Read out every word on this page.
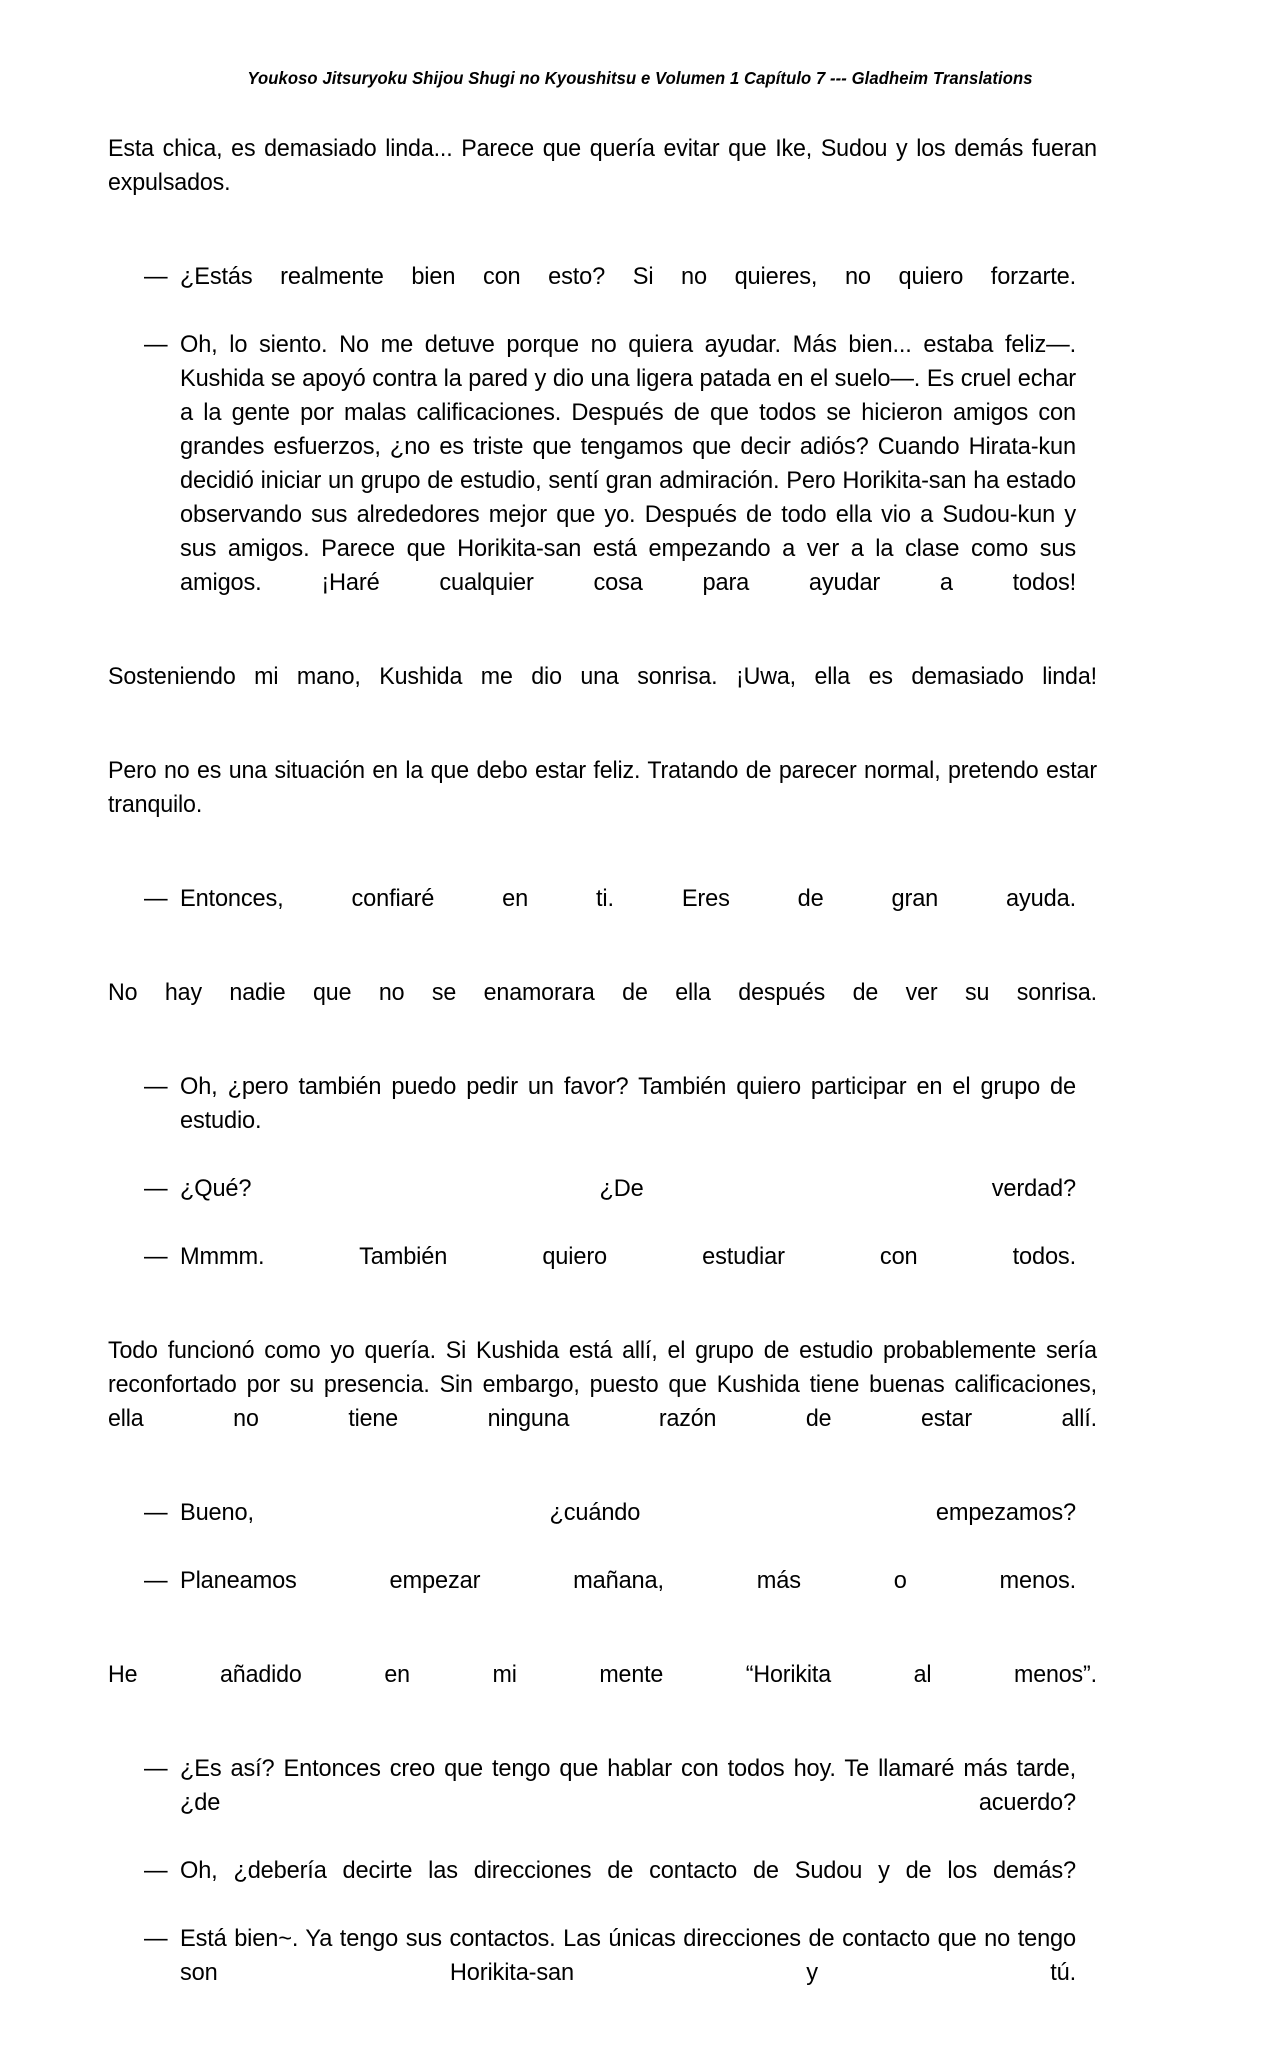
Youkoso Jitsuryoku Shijou Shugi no Kyoushitsu e Volumen 1 Capítulo 7 --- Gladheim Translations

Esta chica, es demasiado linda... Parece que quería evitar que Ike, Sudou y los demás fueran expulsados.

— ¿Estás realmente bien con esto? Si no quieres, no quiero forzarte.
— Oh, lo siento. No me detuve porque no quiera ayudar. Más bien... estaba feliz—. Kushida se apoyó contra la pared y dio una ligera patada en el suelo—. Es cruel echar a la gente por malas calificaciones. Después de que todos se hicieron amigos con grandes esfuerzos, ¿no es triste que tengamos que decir adiós? Cuando Hirata-kun decidió iniciar un grupo de estudio, sentí gran admiración. Pero Horikita-san ha estado observando sus alrededores mejor que yo. Después de todo ella vio a Sudou-kun y sus amigos. Parece que Horikita-san está empezando a ver a la clase como sus amigos. ¡Haré cualquier cosa para ayudar a todos!

Sosteniendo mi mano, Kushida me dio una sonrisa. ¡Uwa, ella es demasiado linda!

Pero no es una situación en la que debo estar feliz. Tratando de parecer normal, pretendo estar tranquilo.

— Entonces, confiaré en ti. Eres de gran ayuda.

No hay nadie que no se enamorara de ella después de ver su sonrisa.

— Oh, ¿pero también puedo pedir un favor? También quiero participar en el grupo de estudio.
— ¿Qué? ¿De verdad?
— Mmmm. También quiero estudiar con todos.

Todo funcionó como yo quería. Si Kushida está allí, el grupo de estudio probablemente sería reconfortado por su presencia. Sin embargo, puesto que Kushida tiene buenas calificaciones, ella no tiene ninguna razón de estar allí.

— Bueno, ¿cuándo empezamos?
— Planeamos empezar mañana, más o menos.

He añadido en mi mente “Horikita al menos”.

— ¿Es así? Entonces creo que tengo que hablar con todos hoy. Te llamaré más tarde, ¿de acuerdo?
— Oh, ¿debería decirte las direcciones de contacto de Sudou y de los demás?
— Está bien~. Ya tengo sus contactos. Las únicas direcciones de contacto que no tengo son Horikita-san y tú.
